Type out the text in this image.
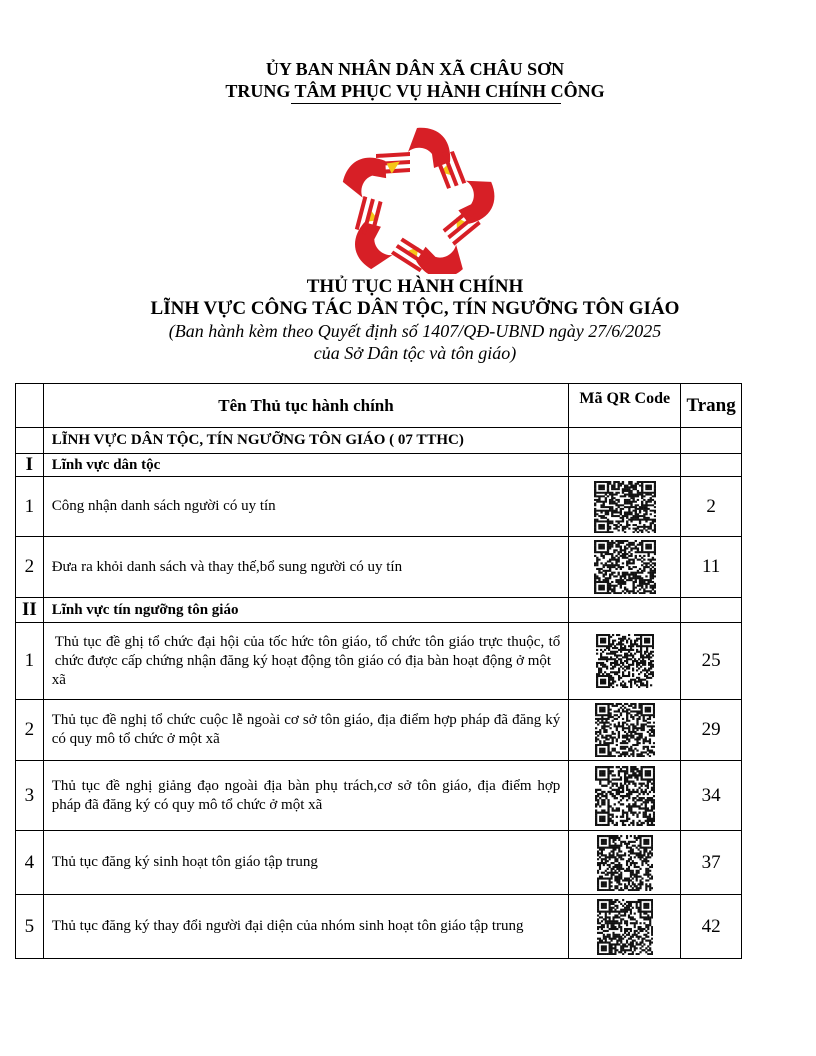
ỦY BAN NHÂN DÂN XÃ CHÂU SƠN
TRUNG TÂM PHỤC VỤ HÀNH CHÍNH CÔNG
THỦ TỤC HÀNH CHÍNH
LĨNH VỰC CÔNG TÁC DÂN TỘC, TÍN NGƯỠNG TÔN GIÁO
(Ban hành kèm theo Quyết định số 1407/QĐ-UBND ngày 27/6/2025
của Sở Dân tộc và tôn giáo)
	Tên Thủ tục hành chính	Mã QR Code	Trang
	LĨNH VỰC DÂN TỘC, TÍN NGƯỠNG TÔN GIÁO ( 07 TTHC)		
I	Lĩnh vực dân tộc		
1	Công nhận danh sách người có uy tín		2
2	Đưa ra khỏi danh sách và thay thế,bổ sung người có uy tín		11
II	Lĩnh vực tín ngưỡng tôn giáo		
1	Thủ tục đề ghị tổ chức đại hội của tốc hức tôn giáo, tổ chức tôn giáo trực thuộc, tổ chức được cấp chứng nhận đăng ký hoạt động tôn giáo có địa bàn hoạt động ở một
xã		25
2	Thủ tục đề nghị tổ chức cuộc lễ ngoài cơ sở tôn giáo, địa điểm hợp pháp đã đăng ký có quy mô tổ chức ở một xã		29
3	Thủ tục đề nghị giảng đạo ngoài địa bàn phụ trách,cơ sở tôn giáo, địa điểm hợp pháp đã đăng ký có quy mô tổ chức ở một xã		34
4	Thủ tục đăng ký sinh hoạt tôn giáo tập trung		37
5	Thủ tục đăng ký thay đổi người đại diện của nhóm sinh hoạt tôn giáo tập trung		42
